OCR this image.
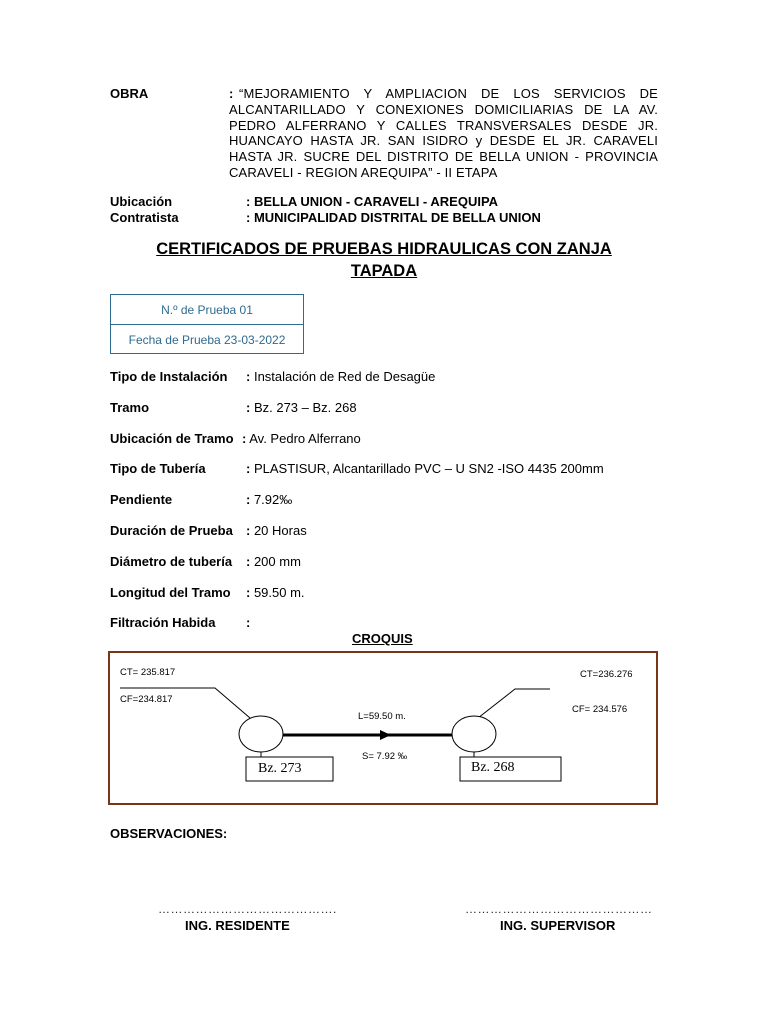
OBRA	: “MEJORAMIENTO Y AMPLIACION DE LOS SERVICIOS DE ALCANTARILLADO Y CONEXIONES DOMICILIARIAS DE LA AV. PEDRO ALFERRANO Y CALLES TRANSVERSALES DESDE JR. HUANCAYO HASTA JR. SAN ISIDRO y DESDE EL JR. CARAVELI HASTA JR. SUCRE DEL DISTRITO DE BELLA UNION - PROVINCIA CARAVELI - REGION AREQUIPA” - II ETAPA
Ubicación	: BELLA UNION - CARAVELI - AREQUIPA
Contratista	: MUNICIPALIDAD DISTRITAL DE BELLA UNION
CERTIFICADOS DE PRUEBAS HIDRAULICAS CON ZANJA
TAPADA
N.º de Prueba 01
Fecha de Prueba 23-03-2022
Tipo de Instalación : Instalación de Red de Desagüe
Tramo	: Bz. 273 – Bz. 268
Ubicación de Tramo : Av. Pedro Alferrano
Tipo de Tubería	: PLASTISUR, Alcantarillado PVC – U SN2 -ISO 4435 200mm
Pendiente	: 7.92‰
Duración de Prueba : 20 Horas
Diámetro de tubería : 200 mm
Longitud del Tramo : 59.50 m.
Filtración Habida :
CROQUIS
CT= 235.817
CF=234.817
CT=236.276
CF= 234.576
L=59.50 m.
S= 7.92 ‰
Bz. 273	Bz. 268
OBSERVACIONES:
…………………………………….
ING. RESIDENTE
………………………………………
ING. SUPERVISOR
